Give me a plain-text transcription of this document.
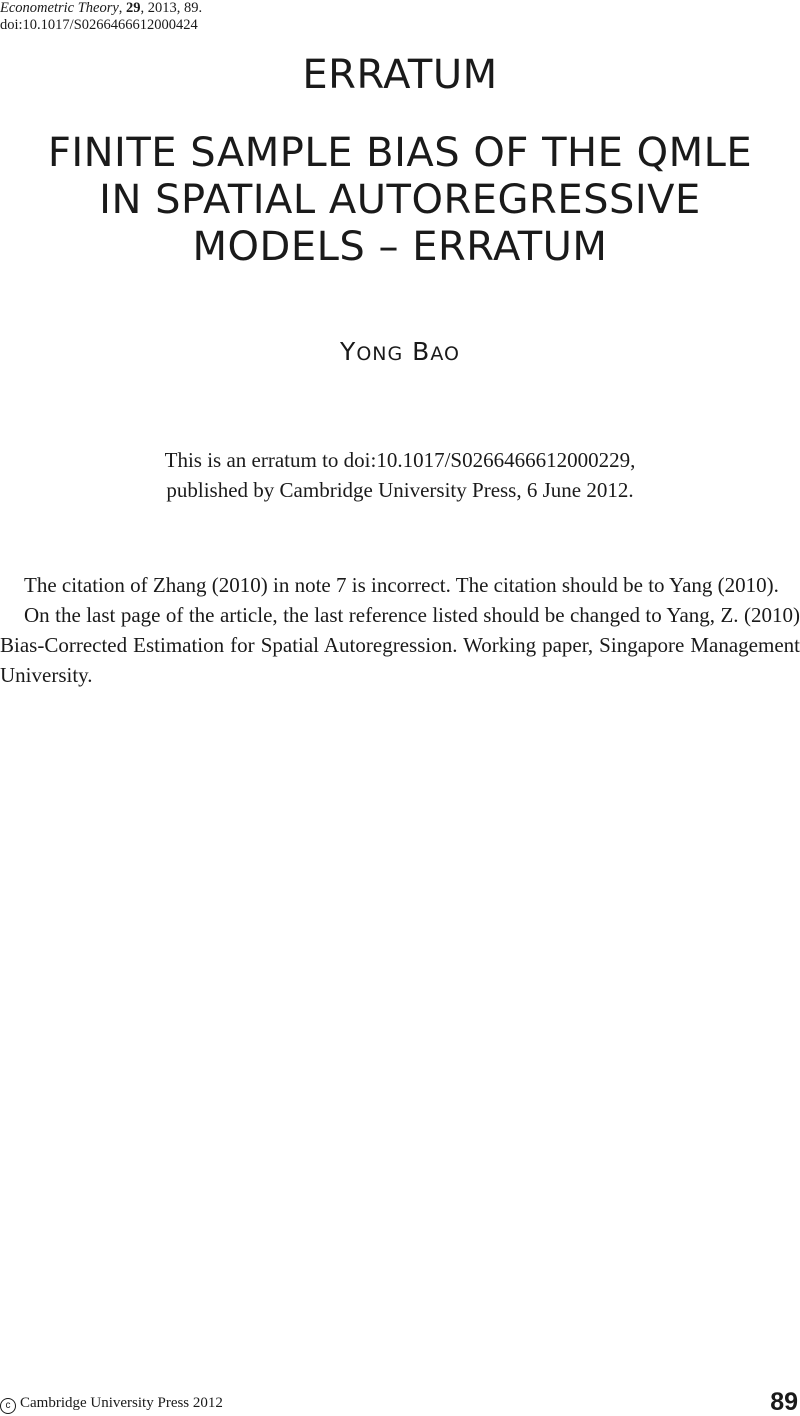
Econometric Theory, 29, 2013, 89.
doi:10.1017/S0266466612000424
ERRATUM
FINITE SAMPLE BIAS OF THE QMLE
IN SPATIAL AUTOREGRESSIVE
MODELS – ERRATUM
YONG BAO
This is an erratum to doi:10.1017/S0266466612000229,
published by Cambridge University Press, 6 June 2012.

The citation of Zhang (2010) in note 7 is incorrect. The citation should be to Yang (2010).

On the last page of the article, the last reference listed should be changed to Yang, Z. (2010) Bias-Corrected Estimation for Spatial Autoregression. Working paper, Singapore Management University.

c Cambridge University Press 2012	89
